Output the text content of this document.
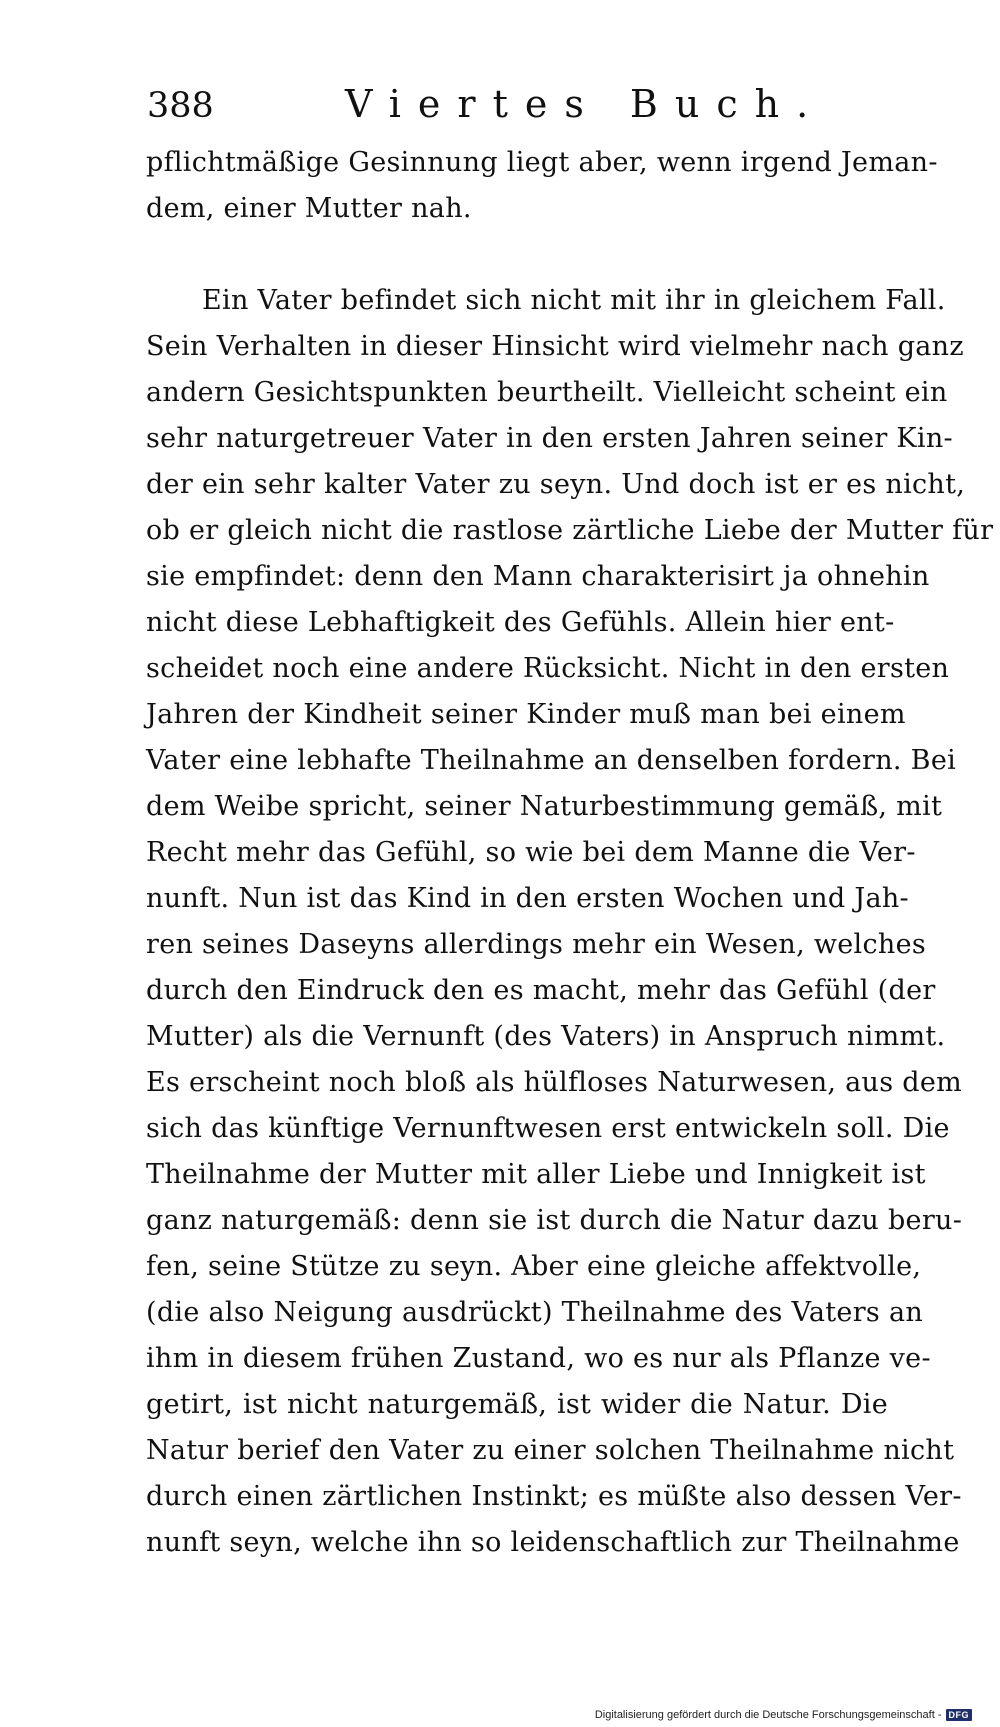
388	Viertes Buch.
pflichtmäßige Gesinnung liegt aber, wenn irgend Jeman-
dem, einer Mutter nah.
Ein Vater befindet sich nicht mit ihr in gleichem Fall.
Sein Verhalten in dieser Hinsicht wird vielmehr nach ganz
andern Gesichtspunkten beurtheilt. Vielleicht scheint ein
sehr naturgetreuer Vater in den ersten Jahren seiner Kin-
der ein sehr kalter Vater zu seyn. Und doch ist er es nicht,
ob er gleich nicht die rastlose zärtliche Liebe der Mutter für
sie empfindet: denn den Mann charakterisirt ja ohnehin
nicht diese Lebhaftigkeit des Gefühls. Allein hier ent-
scheidet noch eine andere Rücksicht. Nicht in den ersten
Jahren der Kindheit seiner Kinder muß man bei einem
Vater eine lebhafte Theilnahme an denselben fordern. Bei
dem Weibe spricht, seiner Naturbestimmung gemäß, mit
Recht mehr das Gefühl, so wie bei dem Manne die Ver-
nunft. Nun ist das Kind in den ersten Wochen und Jah-
ren seines Daseyns allerdings mehr ein Wesen, welches
durch den Eindruck den es macht, mehr das Gefühl (der
Mutter) als die Vernunft (des Vaters) in Anspruch nimmt.
Es erscheint noch bloß als hülfloses Naturwesen, aus dem
sich das künftige Vernunftwesen erst entwickeln soll. Die
Theilnahme der Mutter mit aller Liebe und Innigkeit ist
ganz naturgemäß: denn sie ist durch die Natur dazu beru-
fen, seine Stütze zu seyn. Aber eine gleiche affektvolle,
(die also Neigung ausdrückt) Theilnahme des Vaters an
ihm in diesem frühen Zustand, wo es nur als Pflanze ve-
getirt, ist nicht naturgemäß, ist wider die Natur. Die
Natur berief den Vater zu einer solchen Theilnahme nicht
durch einen zärtlichen Instinkt; es müßte also dessen Ver-
nunft seyn, welche ihn so leidenschaftlich zur Theilnahme
Digitalisierung gefördert durch die Deutsche Forschungsgemeinschaft - DFG
